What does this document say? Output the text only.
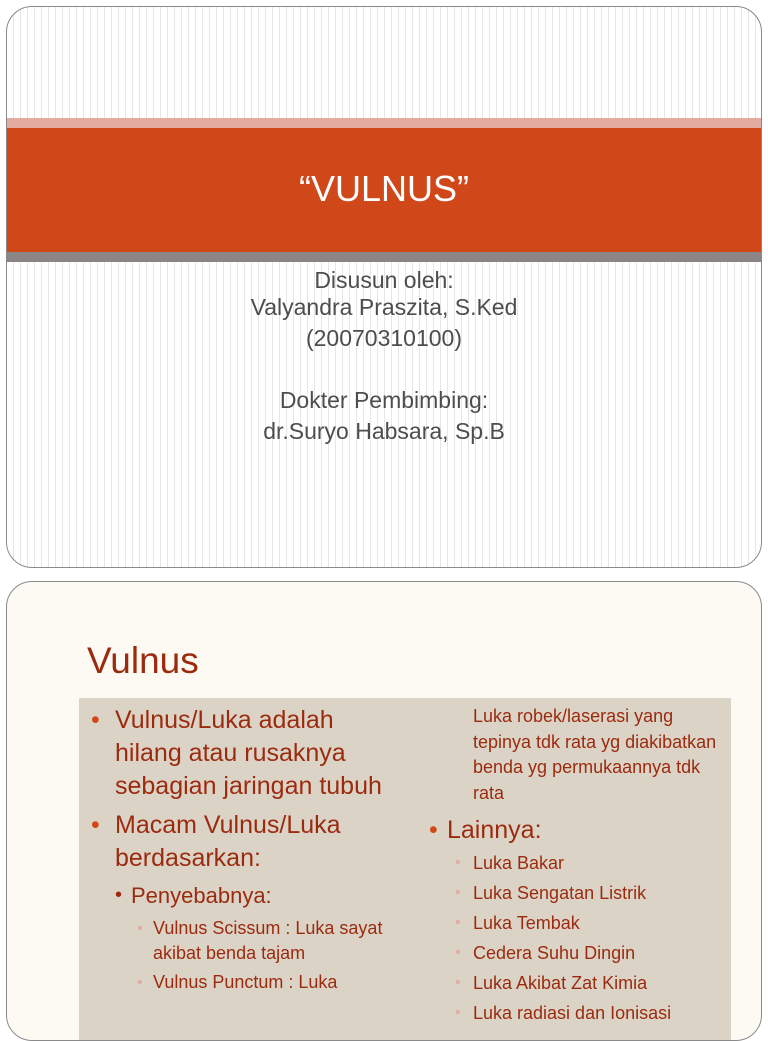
“VULNUS”
Disusun oleh:
Valyandra Praszita, S.Ked
(20070310100)
Dokter Pembimbing:
dr.Suryo Habsara, Sp.B
Vulnus
• Vulnus/Luka adalah hilang atau rusaknya sebagian jaringan tubuh
• Macam Vulnus/Luka berdasarkan:
• Penyebabnya:
• Vulnus Scissum : Luka sayat akibat benda tajam
• Vulnus Punctum : Luka
Luka robek/laserasi yang tepinya tdk rata yg diakibatkan benda yg permukaannya tdk rata
• Lainnya:
• Luka Bakar
• Luka Sengatan Listrik
• Luka Tembak
• Cedera Suhu Dingin
• Luka Akibat Zat Kimia
• Luka radiasi dan Ionisasi
